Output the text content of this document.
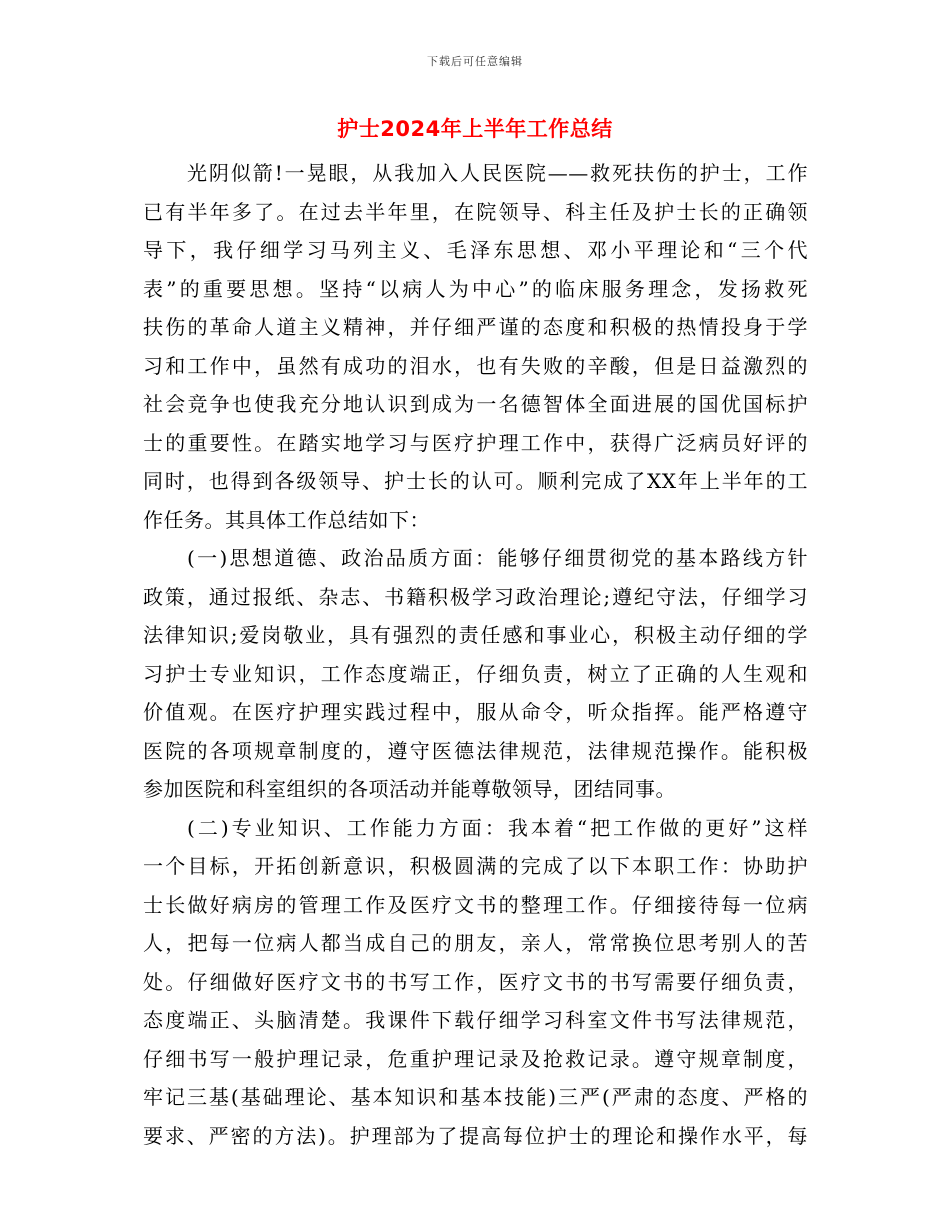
下载后可任意编辑
护士2024年上半年工作总结
光阴似箭!一晃眼，从我加入人民医院——救死扶伤的护士，工作
已有半年多了。在过去半年里，在院领导、科主任及护士长的正确领
导下，我仔细学习马列主义、毛泽东思想、邓小平理论和“三个代
表”的重要思想。坚持“以病人为中心”的临床服务理念，发扬救死
扶伤的革命人道主义精神，并仔细严谨的态度和积极的热情投身于学
习和工作中，虽然有成功的泪水，也有失败的辛酸，但是日益激烈的
社会竞争也使我充分地认识到成为一名德智体全面进展的国优国标护
士的重要性。在踏实地学习与医疗护理工作中，获得广泛病员好评的
同时，也得到各级领导、护士长的认可。顺利完成了XX年上半年的工
作任务。其具体工作总结如下：
(一)思想道德、政治品质方面：能够仔细贯彻党的基本路线方针
政策，通过报纸、杂志、书籍积极学习政治理论;遵纪守法，仔细学习
法律知识;爱岗敬业，具有强烈的责任感和事业心，积极主动仔细的学
习护士专业知识，工作态度端正，仔细负责，树立了正确的人生观和
价值观。在医疗护理实践过程中，服从命令，听众指挥。能严格遵守
医院的各项规章制度的，遵守医德法律规范，法律规范操作。能积极
参加医院和科室组织的各项活动并能尊敬领导，团结同事。
(二)专业知识、工作能力方面：我本着“把工作做的更好”这样
一个目标，开拓创新意识，积极圆满的完成了以下本职工作：协助护
士长做好病房的管理工作及医疗文书的整理工作。仔细接待每一位病
人，把每一位病人都当成自己的朋友，亲人，常常换位思考别人的苦
处。仔细做好医疗文书的书写工作，医疗文书的书写需要仔细负责，
态度端正、头脑清楚。我课件下载仔细学习科室文件书写法律规范，
仔细书写一般护理记录，危重护理记录及抢救记录。遵守规章制度，
牢记三基(基础理论、基本知识和基本技能)三严(严肃的态度、严格的
要求、严密的方法)。护理部为了提高每位护士的理论和操作水平，每
